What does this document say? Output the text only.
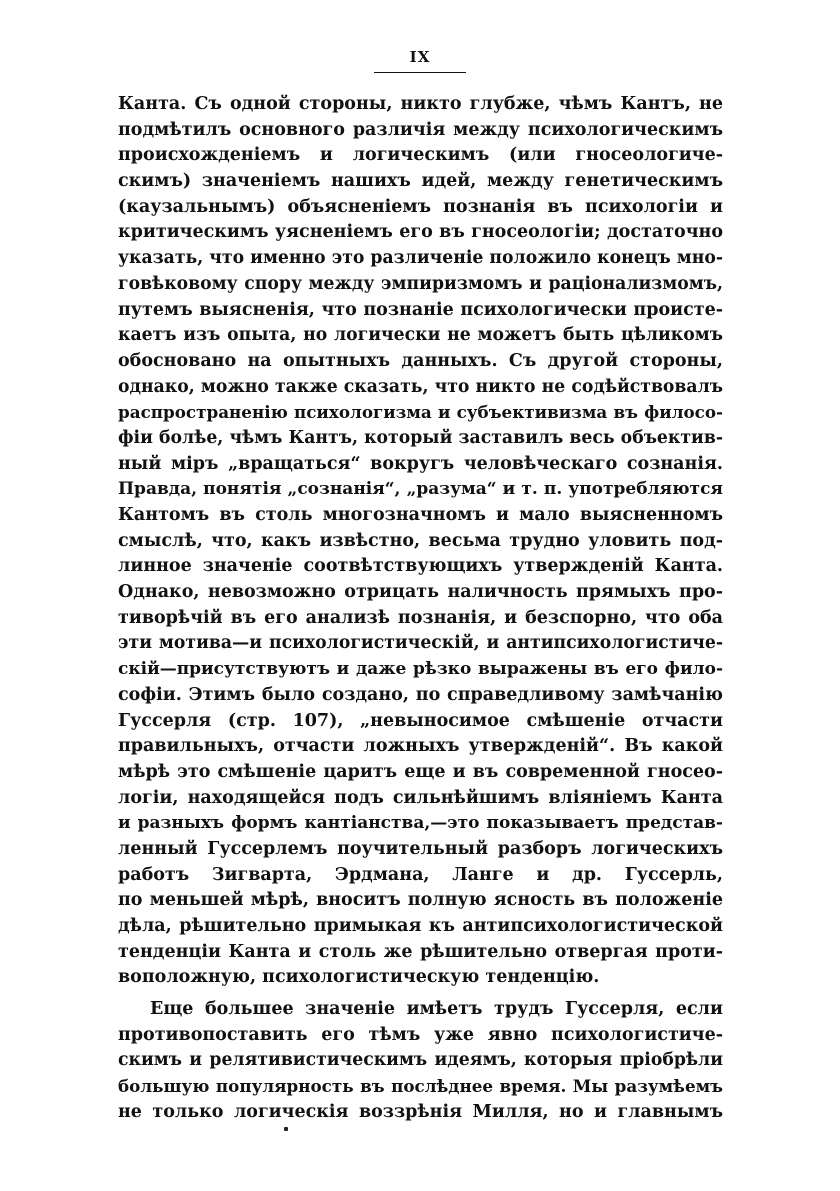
IX
Канта. Съ одной стороны, никто глубже, чѣмъ Кантъ, не
подмѣтилъ основного различія между психологическимъ
происхожденіемъ и логическимъ (или гносеологиче-
скимъ) значеніемъ нашихъ идей, между генетическимъ
(каузальнымъ) объясненіемъ познанія въ психологіи и
критическимъ уясненіемъ его въ гносеологіи; достаточно
указать, что именно это различеніе положило конецъ мно-
говѣковому спору между эмпиризмомъ и раціонализмомъ,
путемъ выясненія, что познаніе психологически проистe-
каетъ изъ опыта, но логически не можетъ быть цѣликомъ
обосновано на опытныхъ данныхъ. Съ другой стороны,
однако, можно также сказать, что никто не содѣйствовалъ
распространенію психологизма и субъективизма въ филосо-
фіи болѣе, чѣмъ Кантъ, который заставилъ весь объектив-
ный міръ „вращаться“ вокругъ человѣческаго сознанія.
Правда, понятія „сознанія“, „разума“ и т. п. употребляются
Кантомъ въ столь многозначномъ и мало выясненномъ
смыслѣ, что, какъ извѣстно, весьма трудно уловить под-
линное значеніе соотвѣтствующихъ утвержденій Канта.
Однако, невозможно отрицать наличность прямыхъ про-
тиворѣчій въ его анализѣ познанія, и безспорно, что оба
эти мотива—и психологистическій, и антипсихологистиче-
скій—присутствуютъ и даже рѣзко выражены въ его фило-
софіи. Этимъ было создано, по справедливому замѣчанію
Гуссерля (стр. 107), „невыносимое смѣшеніе отчасти
правильныхъ, отчасти ложныхъ утвержденій“. Въ какой
мѣрѣ это смѣшеніе царитъ еще и въ современной гносео-
логіи, находящейся подъ сильнѣйшимъ вліяніемъ Канта
и разныхъ формъ кантіанства,—это показываетъ представ-
ленный Гуссерлемъ поучительный разборъ логическихъ
работъ Зигварта, Эрдмана, Ланге и др. Гуссерль,
по меньшей мѣрѣ, вноситъ полную ясность въ положеніе
дѣла, рѣшительно примыкая къ антипсихологистической
тенденціи Канта и столь же рѣшительно отвергая проти-
воположную, психологистическую тенденцію.
Еще большее значеніе имѣетъ трудъ Гуссерля, если
противопоставить его тѣмъ уже явно психологистиче-
скимъ и релятивистическимъ идеямъ, которыя пріобрѣли
большую популярность въ послѣднее время. Мы разумѣемъ
не только логическія воззрѣнія Милля, но и главнымъ
